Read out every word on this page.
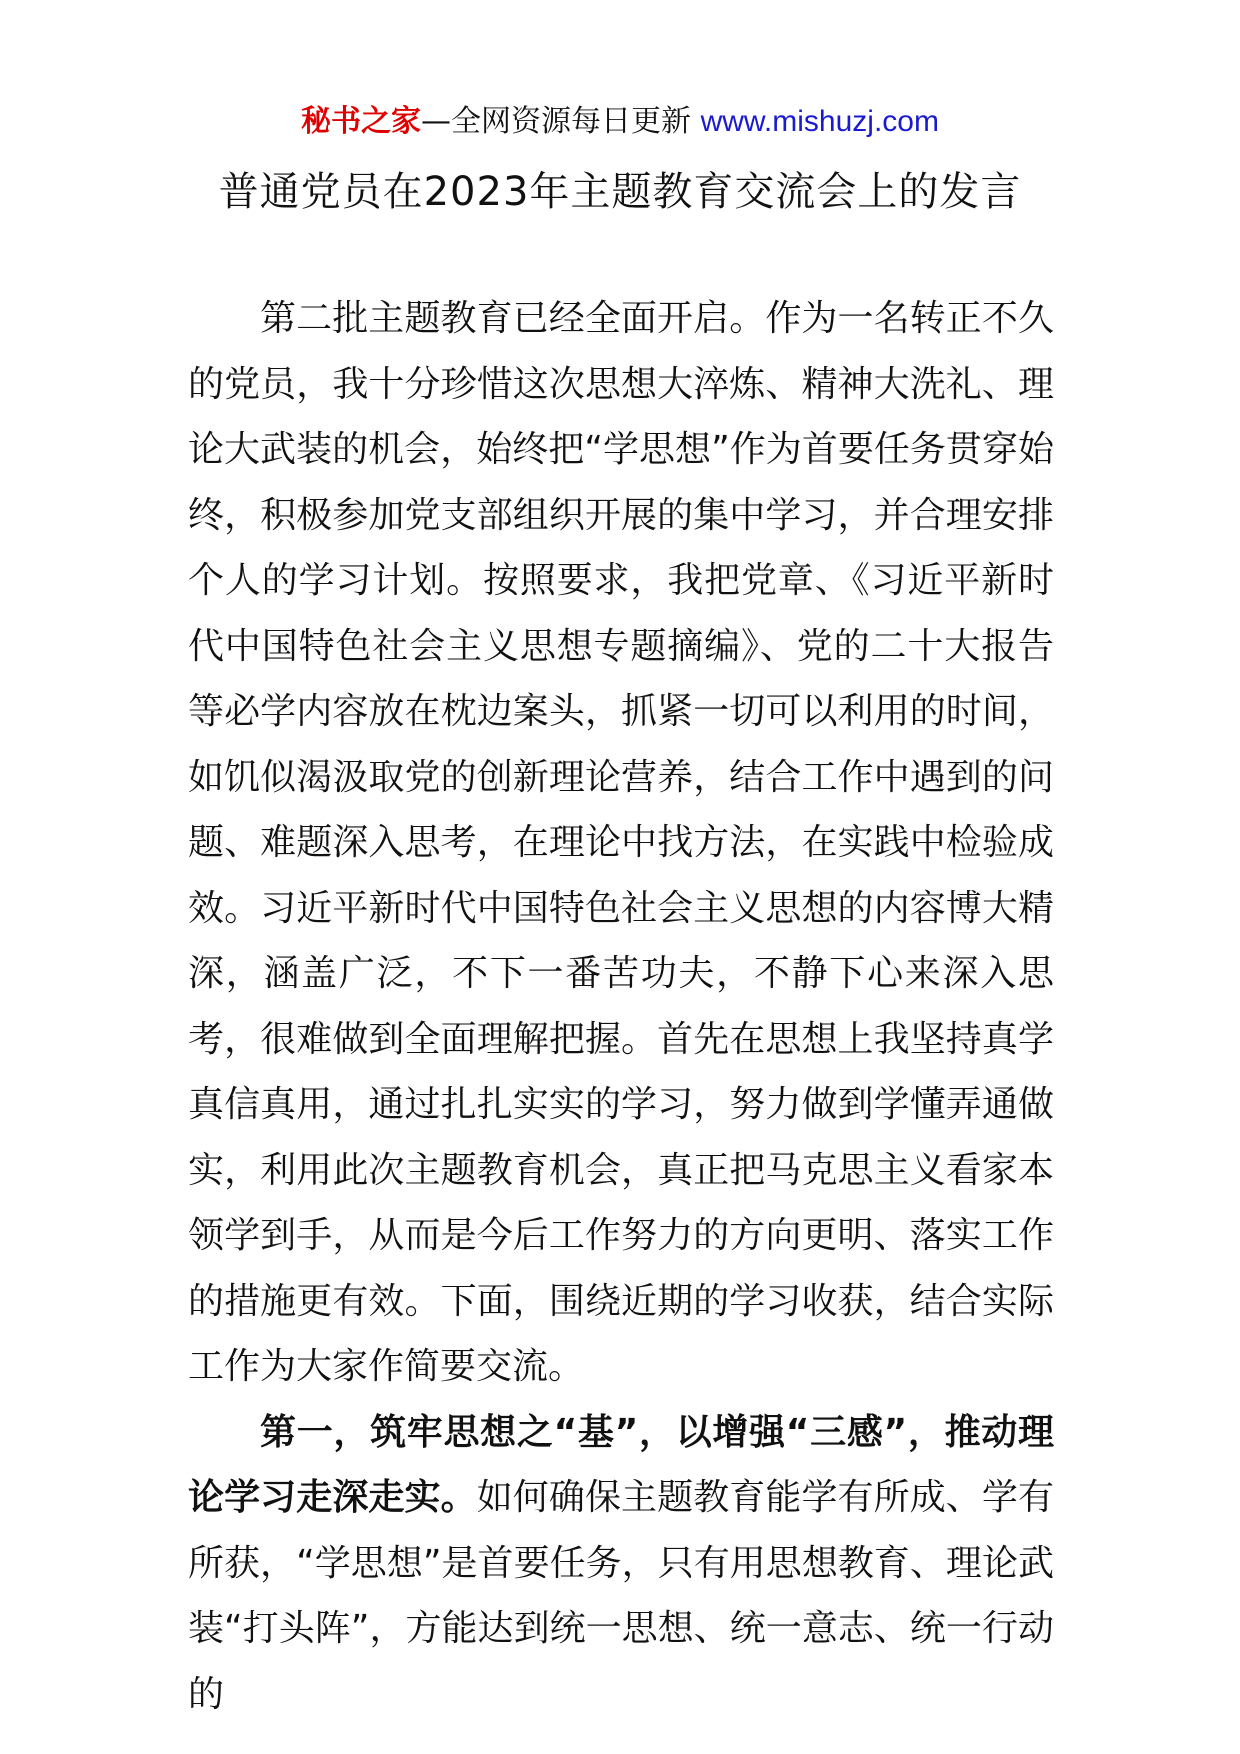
秘书之家—全网资源每日更新 www.mishuzj.com
普通党员在2023年主题教育交流会上的发言

第二批主题教育已经全面开启。作为一名转正不久的党员，我十分珍惜这次思想大淬炼、精神大洗礼、理论大武装的机会，始终把“学思想”作为首要任务贯穿始终，积极参加党支部组织开展的集中学习，并合理安排个人的学习计划。按照要求，我把党章、《习近平新时代中国特色社会主义思想专题摘编》、党的二十大报告等必学内容放在枕边案头，抓紧一切可以利用的时间，如饥似渴汲取党的创新理论营养，结合工作中遇到的问题、难题深入思考，在理论中找方法，在实践中检验成效。习近平新时代中国特色社会主义思想的内容博大精深，涵盖广泛，不下一番苦功夫，不静下心来深入思考，很难做到全面理解把握。首先在思想上我坚持真学真信真用，通过扎扎实实的学习，努力做到学懂弄通做实，利用此次主题教育机会，真正把马克思主义看家本领学到手，从而是今后工作努力的方向更明、落实工作的措施更有效。下面，围绕近期的学习收获，结合实际工作为大家作简要交流。

第一，筑牢思想之“基”，以增强“三感”，推动理论学习走深走实。如何确保主题教育能学有所成、学有所获，“学思想”是首要任务，只有用思想教育、理论武装“打头阵”，方能达到统一思想、统一意志、统一行动的
